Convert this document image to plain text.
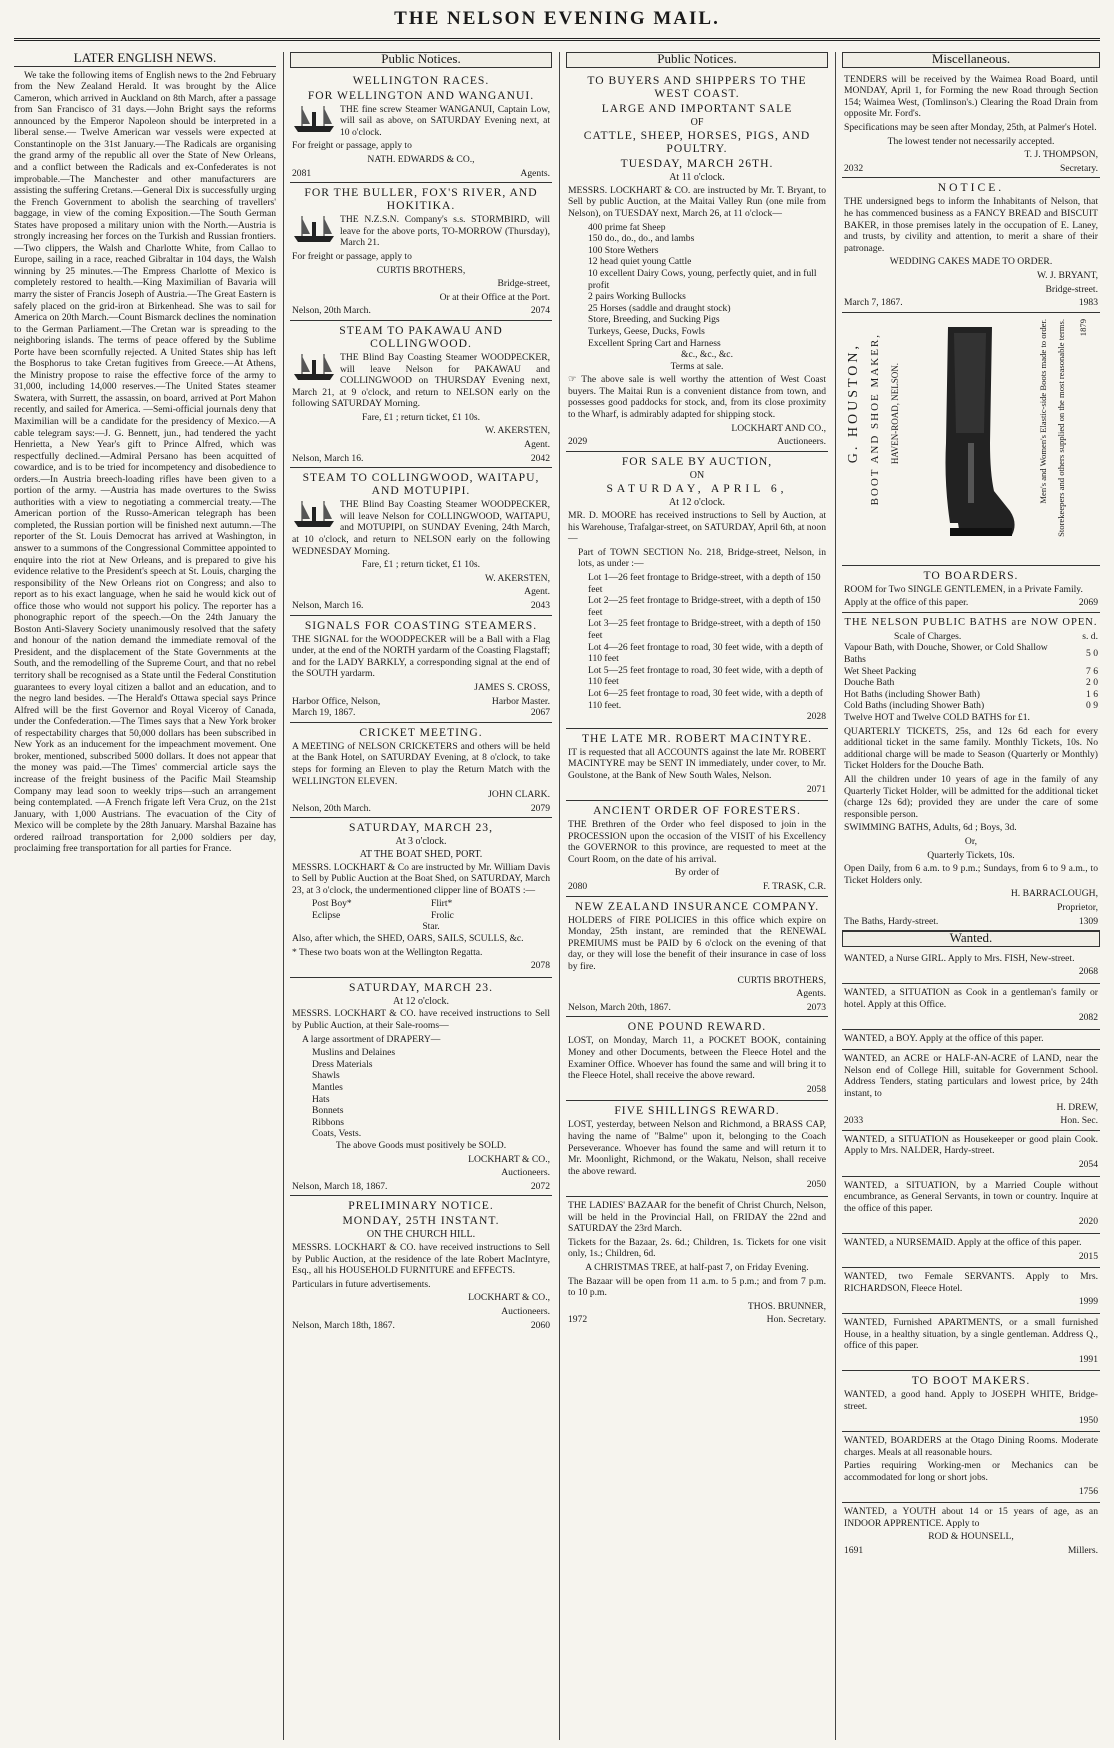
THE NELSON EVENING MAIL.
LATER ENGLISH NEWS.

We take the following items of English news to the 2nd February from the New Zealand Herald. It was brought by the Alice Cameron, which arrived in Auckland on 8th March, after a passage from San Francisco of 31 days.—John Bright says the reforms announced by the Emperor Napoleon should be interpreted in a liberal sense.— Twelve American war vessels were expected at Constantinople on the 31st January.—The Radicals are organising the grand army of the republic all over the State of New Orleans, and a conflict between the Radicals and ex-Confederates is not improbable.—The Manchester and other manufacturers are assisting the suffering Cretans.—General Dix is successfully urging the French Government to abolish the searching of travellers' baggage, in view of the coming Exposition.—The South German States have proposed a military union with the North.—Austria is strongly increasing her forces on the Turkish and Russian frontiers.—Two clippers, the Walsh and Charlotte White, from Callao to Europe, sailing in a race, reached Gibraltar in 104 days, the Walsh winning by 25 minutes.—The Empress Charlotte of Mexico is completely restored to health.—King Maximilian of Bavaria will marry the sister of Francis Joseph of Austria.—The Great Eastern is safely placed on the grid-iron at Birkenhead. She was to sail for America on 20th March.—Count Bismarck declines the nomination to the German Parliament.—The Cretan war is spreading to the neighboring islands. The terms of peace offered by the Sublime Porte have been scornfully rejected. A United States ship has left the Bosphorus to take Cretan fugitives from Greece.—At Athens, the Ministry propose to raise the effective force of the army to 31,000, including 14,000 reserves.—The United States steamer Swatera, with Surrett, the assassin, on board, arrived at Port Mahon recently, and sailed for America. —Semi-official journals deny that Maximilian will be a candidate for the presidency of Mexico.—A cable telegram says:—J. G. Bennett, jun., had tendered the yacht Henrietta, a New Year's gift to Prince Alfred, which was respectfully declined.—Admiral Persano has been acquitted of cowardice, and is to be tried for incompetency and disobedience to orders.—In Austria breech-loading rifles have been given to a portion of the army. —Austria has made overtures to the Swiss authorities with a view to negotiating a commercial treaty.—The American portion of the Russo-American telegraph has been completed, the Russian portion will be finished next autumn.—The reporter of the St. Louis Democrat has arrived at Washington, in answer to a summons of the Congressional Committee appointed to enquire into the riot at New Orleans, and is prepared to give his evidence relative to the President's speech at St. Louis, charging the responsibility of the New Orleans riot on Congress; and also to report as to his exact language, when he said he would kick out of office those who would not support his policy. The reporter has a phonographic report of the speech.—On the 24th January the Boston Anti-Slavery Society unanimously resolved that the safety and honour of the nation demand the immediate removal of the President, and the displacement of the State Governments at the South, and the remodelling of the Supreme Court, and that no rebel territory shall be recognised as a State until the Federal Constitution guarantees to every loyal citizen a ballot and an education, and to the negro land besides. —The Herald's Ottawa special says Prince Alfred will be the first Governor and Royal Viceroy of Canada, under the Confederation.—The Times says that a New York broker of respectability charges that 50,000 dollars has been subscribed in New York as an inducement for the impeachment movement. One broker, mentioned, subscribed 5000 dollars. It does not appear that the money was paid.—The Times' commercial article says the increase of the freight business of the Pacific Mail Steamship Company may lead soon to weekly trips—such an arrangement being contemplated. —A French frigate left Vera Cruz, on the 21st January, with 1,000 Austrians. The evacuation of the City of Mexico will be complete by the 28th January. Marshal Bazaine has ordered railroad transportation for 2,000 soldiers per day, proclaiming free transportation for all parties for France.

Public Notices.
WELLINGTON RACES.
FOR WELLINGTON AND WANGANUI.

THE fine screw Steamer WANGANUI, Captain Low, will sail as above, on SATURDAY Evening next, at 10 o'clock.

For freight or passage, apply to

NATH. EDWARDS & CO.,

2081	Agents.
FOR THE BULLER, FOX'S RIVER, AND HOKITIKA.

THE N.Z.S.N. Company's s.s. STORMBIRD, will leave for the above ports, TO-MORROW (Thursday), March 21.

For freight or passage, apply to

CURTIS BROTHERS,

Bridge-street,

Or at their Office at the Port.

Nelson, 20th March.	2074
STEAM TO PAKAWAU AND COLLINGWOOD.

THE Blind Bay Coasting Steamer WOODPECKER, will leave Nelson for PAKAWAU and COLLINGWOOD on THURSDAY Evening next, March 21, at 9 o'clock, and return to NELSON early on the following SATURDAY Morning.

Fare, £1 ; return ticket, £1 10s.

W. AKERSTEN,

Agent.

Nelson, March 16.	2042
STEAM TO COLLINGWOOD, WAITAPU, AND MOTUPIPI.

THE Blind Bay Coasting Steamer WOODPECKER, will leave Nelson for COLLINGWOOD, WAITAPU, and MOTUPIPI, on SUNDAY Evening, 24th March, at 10 o'clock, and return to NELSON early on the following WEDNESDAY Morning.

Fare, £1 ; return ticket, £1 10s.

W. AKERSTEN,

Agent.

Nelson, March 16.	2043
SIGNALS FOR COASTING STEAMERS.

THE SIGNAL for the WOODPECKER will be a Ball with a Flag under, at the end of the NORTH yardarm of the Coasting Flagstaff; and for the LADY BARKLY, a corresponding signal at the end of the SOUTH yardarm.

JAMES S. CROSS,

Harbor Office, Nelson,	Harbor Master.
March 19, 1867.	2067
CRICKET MEETING.

A MEETING of NELSON CRICKETERS and others will be held at the Bank Hotel, on SATURDAY Evening, at 8 o'clock, to take steps for forming an Eleven to play the Return Match with the WELLINGTON ELEVEN.

JOHN CLARK.

Nelson, 20th March.	2079
SATURDAY, MARCH 23,
At 3 o'clock.
AT THE BOAT SHED, PORT.

MESSRS. LOCKHART & Co are instructed by Mr. William Davis to Sell by Public Auction at the Boat Shed, on SATURDAY, March 23, at 3 o'clock, the undermentioned clipper line of BOATS :—

Post Boy*	Flirt*
Eclipse	Frolic
Star.

Also, after which, the SHED, OARS, SAILS, SCULLS, &c.

* These two boats won at the Wellington Regatta.

2078

SATURDAY, MARCH 23.
At 12 o'clock.

MESSRS. LOCKHART & CO. have received instructions to Sell by Public Auction, at their Sale-rooms—

A large assortment of DRAPERY—

Muslins and Delaines
Dress Materials
Shawls
Mantles
Hats
Bonnets
Ribbons
Coats, Vests.

The above Goods must positively be SOLD.

LOCKHART & CO.,

Auctioneers.

Nelson, March 18, 1867.	2072
PRELIMINARY NOTICE.
MONDAY, 25TH INSTANT.
ON THE CHURCH HILL.

MESSRS. LOCKHART & CO. have received instructions to Sell by Public Auction, at the residence of the late Robert MacIntyre, Esq., all his HOUSEHOLD FURNITURE and EFFECTS.

Particulars in future advertisements.

LOCKHART & CO.,

Auctioneers.

Nelson, March 18th, 1867.	2060
Public Notices.
TO BUYERS AND SHIPPERS TO THE WEST COAST.
LARGE AND IMPORTANT SALE
OF
CATTLE, SHEEP, HORSES, PIGS, AND POULTRY.
TUESDAY, MARCH 26TH.
At 11 o'clock.

MESSRS. LOCKHART & CO. are instructed by Mr. T. Bryant, to Sell by public Auction, at the Maitai Valley Run (one mile from Nelson), on TUESDAY next, March 26, at 11 o'clock—

400 prime fat Sheep
150 do., do., do., and lambs
100 Store Wethers
12 head quiet young Cattle
10 excellent Dairy Cows, young, perfectly quiet, and in full profit
2 pairs Working Bullocks
25 Horses (saddle and draught stock)
Store, Breeding, and Sucking Pigs
Turkeys, Geese, Ducks, Fowls
Excellent Spring Cart and Harness
&c., &c., &c.

Terms at sale.

☞ The above sale is well worthy the attention of West Coast buyers. The Maitai Run is a convenient distance from town, and possesses good paddocks for stock, and, from its close proximity to the Wharf, is admirably adapted for shipping stock.

LOCKHART AND CO.,

2029	Auctioneers.
FOR SALE BY AUCTION,
ON
SATURDAY, APRIL 6,
At 12 o'clock.

MR. D. MOORE has received instructions to Sell by Auction, at his Warehouse, Trafalgar-street, on SATURDAY, April 6th, at noon—

Part of TOWN SECTION No. 218, Bridge-street, Nelson, in lots, as under :—

Lot 1—26 feet frontage to Bridge-street, with a depth of 150 feet
Lot 2—25 feet frontage to Bridge-street, with a depth of 150 feet
Lot 3—25 feet frontage to Bridge-street, with a depth of 150 feet
Lot 4—26 feet frontage to road, 30 feet wide, with a depth of 110 feet
Lot 5—25 feet frontage to road, 30 feet wide, with a depth of 110 feet
Lot 6—25 feet frontage to road, 30 feet wide, with a depth of 110 feet.

2028

THE LATE MR. ROBERT MACINTYRE.

IT is requested that all ACCOUNTS against the late Mr. ROBERT MACINTYRE may be SENT IN immediately, under cover, to Mr. Goulstone, at the Bank of New South Wales, Nelson.

2071

ANCIENT ORDER OF FORESTERS.

THE Brethren of the Order who feel disposed to join in the PROCESSION upon the occasion of the VISIT of his Excellency the GOVERNOR to this province, are requested to meet at the Court Room, on the date of his arrival.

By order of

2080	F. TRASK, C.R.
NEW ZEALAND INSURANCE COMPANY.

HOLDERS of FIRE POLICIES in this office which expire on Monday, 25th instant, are reminded that the RENEWAL PREMIUMS must be PAID by 6 o'clock on the evening of that day, or they will lose the benefit of their insurance in case of loss by fire.

CURTIS BROTHERS,

Agents.

Nelson, March 20th, 1867.	2073
ONE POUND REWARD.

LOST, on Monday, March 11, a POCKET BOOK, containing Money and other Documents, between the Fleece Hotel and the Examiner Office. Whoever has found the same and will bring it to the Fleece Hotel, shall receive the above reward.

2058

FIVE SHILLINGS REWARD.

LOST, yesterday, between Nelson and Richmond, a BRASS CAP, having the name of "Balme" upon it, belonging to the Coach Perseverance. Whoever has found the same and will return it to Mr. Moonlight, Richmond, or the Wakatu, Nelson, shall receive the above reward.

2050

THE LADIES' BAZAAR for the benefit of Christ Church, Nelson, will be held in the Provincial Hall, on FRIDAY the 22nd and SATURDAY the 23rd March.

Tickets for the Bazaar, 2s. 6d.; Children, 1s. Tickets for one visit only, 1s.; Children, 6d.

A CHRISTMAS TREE, at half-past 7, on Friday Evening.

The Bazaar will be open from 11 a.m. to 5 p.m.; and from 7 p.m. to 10 p.m.

THOS. BRUNNER,

1972	Hon. Secretary.
Miscellaneous.

TENDERS will be received by the Waimea Road Board, until MONDAY, April 1, for Forming the new Road through Section 154; Waimea West, (Tomlinson's.) Clearing the Road Drain from opposite Mr. Ford's.

Specifications may be seen after Monday, 25th, at Palmer's Hotel.

The lowest tender not necessarily accepted.

T. J. THOMPSON,

2032	Secretary.
NOTICE.

THE undersigned begs to inform the Inhabitants of Nelson, that he has commenced business as a FANCY BREAD and BISCUIT BAKER, in those premises lately in the occupation of E. Laney, and trusts, by civility and attention, to merit a share of their patronage.

WEDDING CAKES MADE TO ORDER.

W. J. BRYANT,

Bridge-street.

March 7, 1867.	1983
G. HOUSTON, BOOT AND SHOE MAKER, HAVEN-ROAD, NELSON.	Men's and Women's Elastic-side Boots made to order. Storekeepers and others supplied on the most reasonable terms. 1879
TO BOARDERS.

ROOM for Two SINGLE GENTLEMEN, in a Private Family.

Apply at the office of this paper.	2069
THE NELSON PUBLIC BATHS are NOW OPEN.
Scale of Charges.	s. d.
Vapour Bath, with Douche, Shower, or Cold Shallow Baths	5 0
Wet Sheet Packing	7 6
Douche Bath	2 0
Hot Baths (including Shower Bath)	1 6
Cold Baths (including Shower Bath)	0 9

Twelve HOT and Twelve COLD BATHS for £1.

QUARTERLY TICKETS, 25s, and 12s 6d each for every additional ticket in the same family. Monthly Tickets, 10s. No additional charge will be made to Season (Quarterly or Monthly) Ticket Holders for the Douche Bath.

All the children under 10 years of age in the family of any Quarterly Ticket Holder, will be admitted for the additional ticket (charge 12s 6d); provided they are under the care of some responsible person.

SWIMMING BATHS, Adults, 6d ; Boys, 3d.

Or,

Quarterly Tickets, 10s.

Open Daily, from 6 a.m. to 9 p.m.; Sundays, from 6 to 9 a.m., to Ticket Holders only.

H. BARRACLOUGH,

Proprietor,

The Baths, Hardy-street.	1309
Wanted.

WANTED, a Nurse GIRL. Apply to Mrs. FISH, New-street.

2068

WANTED, a SITUATION as Cook in a gentleman's family or hotel. Apply at this Office.

2082

WANTED, a BOY. Apply at the office of this paper.

WANTED, an ACRE or HALF-AN-ACRE of LAND, near the Nelson end of College Hill, suitable for Government School. Address Tenders, stating particulars and lowest price, by 24th instant, to

H. DREW,

2033	Hon. Sec.

WANTED, a SITUATION as Housekeeper or good plain Cook. Apply to Mrs. NALDER, Hardy-street.

2054

WANTED, a SITUATION, by a Married Couple without encumbrance, as General Servants, in town or country. Inquire at the office of this paper.

2020

WANTED, a NURSEMAID. Apply at the office of this paper.

2015

WANTED, two Female SERVANTS. Apply to Mrs. RICHARDSON, Fleece Hotel.

1999

WANTED, Furnished APARTMENTS, or a small furnished House, in a healthy situation, by a single gentleman. Address Q., office of this paper.

1991

TO BOOT MAKERS.

WANTED, a good hand. Apply to JOSEPH WHITE, Bridge-street.

1950

WANTED, BOARDERS at the Otago Dining Rooms. Moderate charges. Meals at all reasonable hours.

Parties requiring Working-men or Mechanics can be accommodated for long or short jobs.

1756

WANTED, a YOUTH about 14 or 15 years of age, as an INDOOR APPRENTICE. Apply to

ROD & HOUNSELL,

1691	Millers.
